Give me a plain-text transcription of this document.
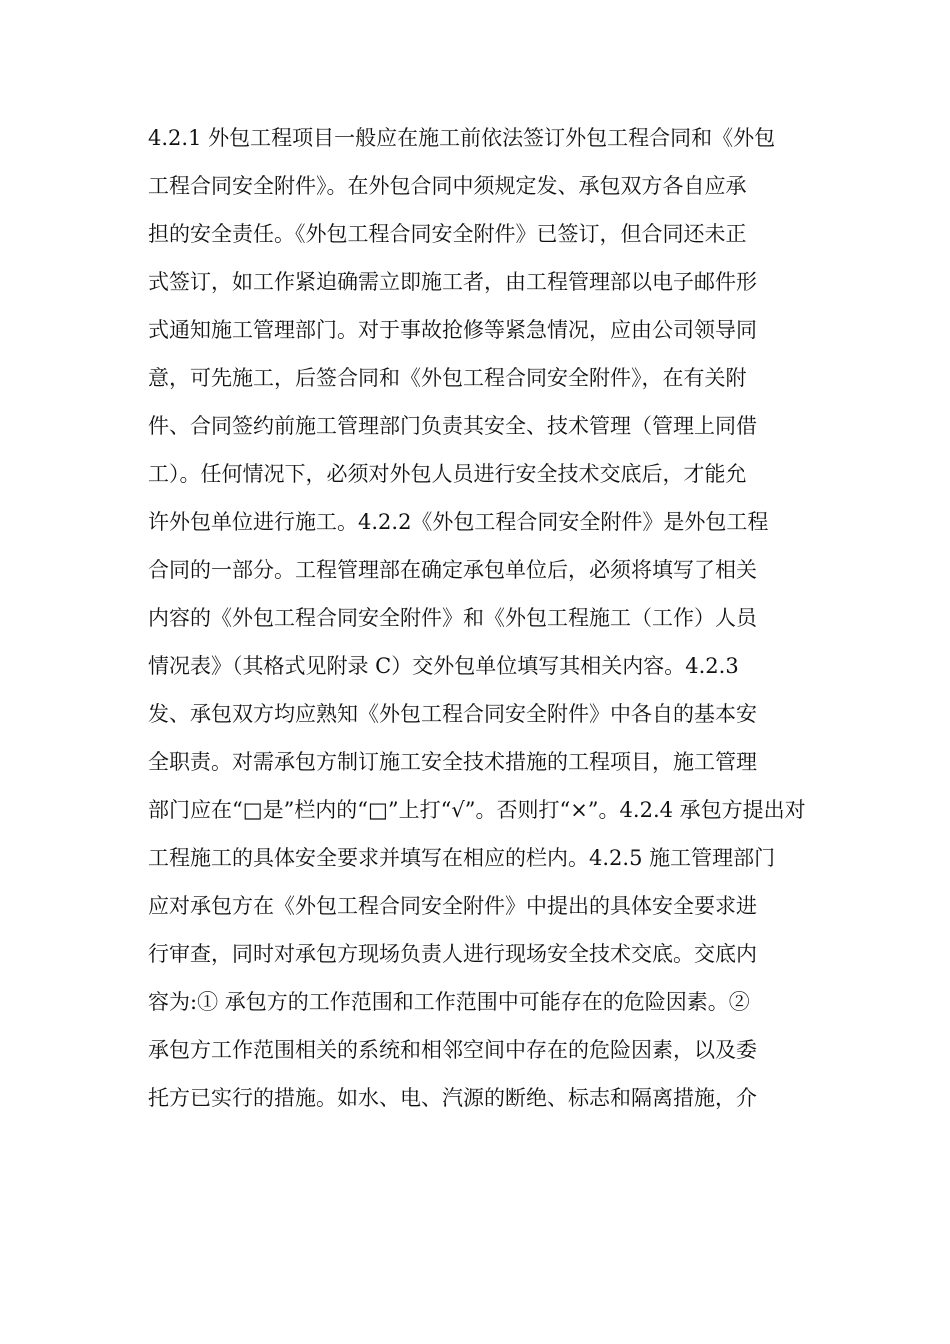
4.2.1 外包工程项目一般应在施工前依法签订外包工程合同和《外包
工程合同安全附件》。在外包合同中须规定发、承包双方各自应承
担的安全责任。《外包工程合同安全附件》已签订，但合同还未正
式签订，如工作紧迫确需立即施工者，由工程管理部以电子邮件形
式通知施工管理部门。对于事故抢修等紧急情况，应由公司领导同
意，可先施工，后签合同和《外包工程合同安全附件》，在有关附
件、合同签约前施工管理部门负责其安全、技术管理（管理上同借
工）。任何情况下，必须对外包人员进行安全技术交底后，才能允
许外包单位进行施工。4.2.2《外包工程合同安全附件》是外包工程
合同的一部分。工程管理部在确定承包单位后，必须将填写了相关
内容的《外包工程合同安全附件》和《外包工程施工（工作）人员
情况表》（其格式见附录 C）交外包单位填写其相关内容。4.2.3
发、承包双方均应熟知《外包工程合同安全附件》中各自的基本安
全职责。对需承包方制订施工安全技术措施的工程项目，施工管理
部门应在“□是”栏内的“□”上打“√”。否则打“×”。4.2.4 承包方提出对
工程施工的具体安全要求并填写在相应的栏内。4.2.5 施工管理部门
应对承包方在《外包工程合同安全附件》中提出的具体安全要求进
行审查，同时对承包方现场负责人进行现场安全技术交底。交底内
容为:① 承包方的工作范围和工作范围中可能存在的危险因素。②
承包方工作范围相关的系统和相邻空间中存在的危险因素，以及委
托方已实行的措施。如水、电、汽源的断绝、标志和隔离措施，介
